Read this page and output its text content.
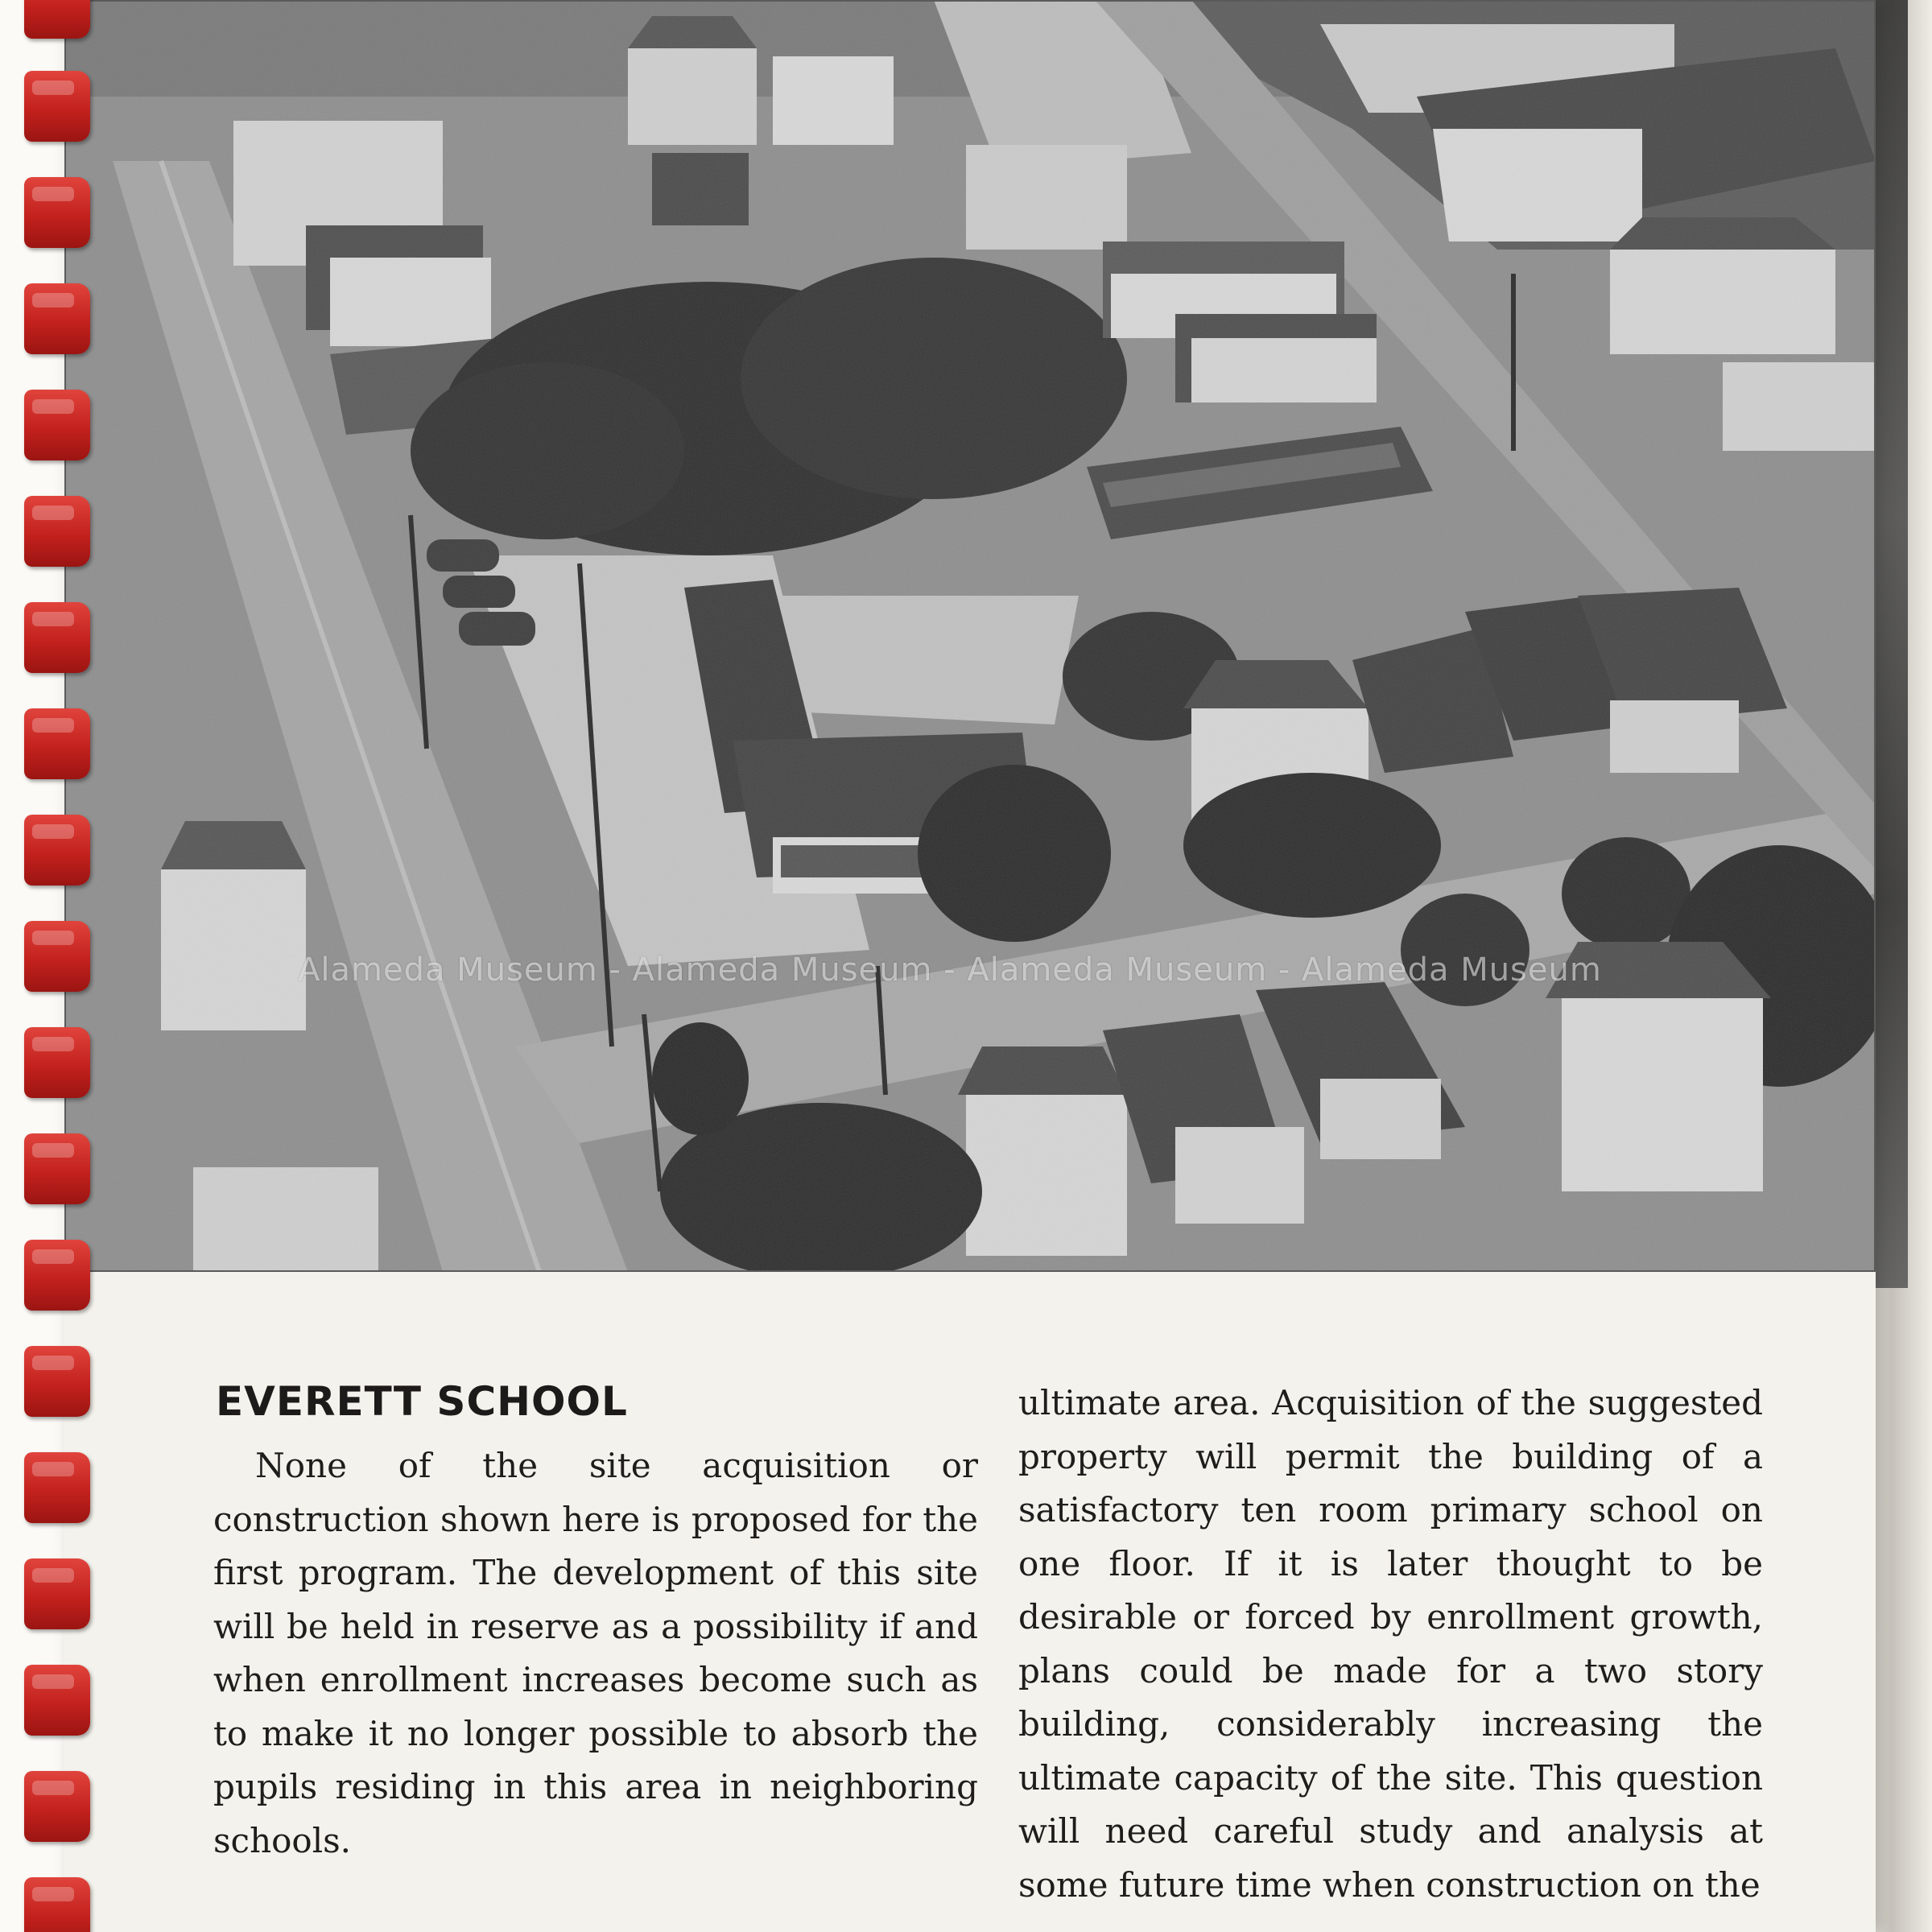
Alameda Museum - Alameda Museum - Alameda Museum - Alameda Museum
EVERETT SCHOOL

None of the site acquisition or construction shown here is proposed for the first program. The development of this site will be held in reserve as a possibility if and when enrollment increases become such as to make it no longer possible to absorb the pupils residing in this area in neighboring schools.

ultimate area. Acquisition of the suggested property will permit the building of a satisfactory ten room primary school on one floor. If it is later thought to be desirable or forced by enrollment growth, plans could be made for a two story building, considerably increasing the ultimate capacity of the site. This question will need careful study and analysis at some future time when construction on the
